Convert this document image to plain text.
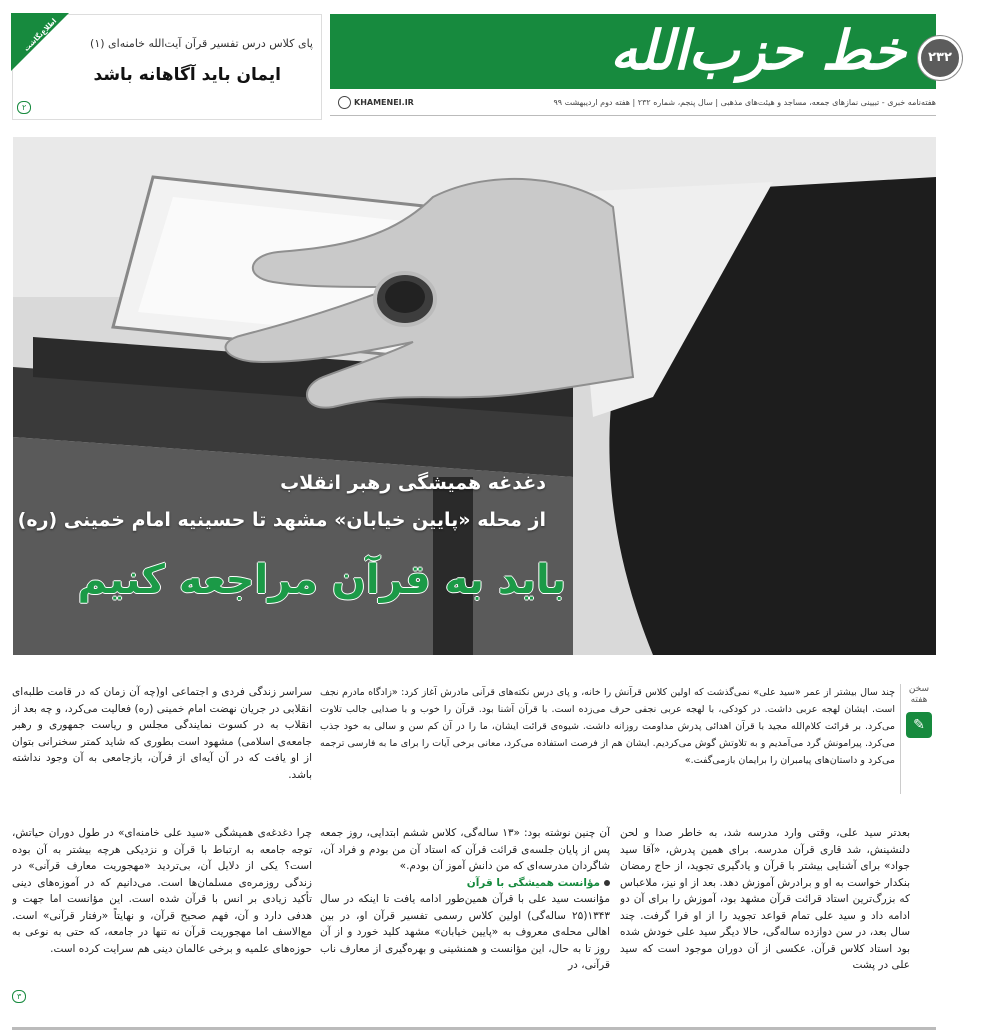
خط حزب‌الله	۲۳۲
هفته‌نامه خبری - تبیینی نمازهای جمعه، مساجد و هیئت‌های مذهبی | سال پنجم، شماره ۲۳۲ | هفته دوم اردیبهشت ۹۹
KHAMENEI.IR
اطلاع‌نگاشت	پای کلاس درس تفسیر قرآن آیت‌الله خامنه‌ای (۱)
ایمان باید آگاهانه باشد
۲
دغدغه همیشگی رهبر انقلاب
از محله «پایین خیابان» مشهد تا حسینیه امام خمینی (ره)
باید به قرآن مراجعه کنیم
سخن
هفته
✎

چند سال بیشتر از عمر «سید علی» نمی‌گذشت که اولین کلاس قرآنش را خانه، و پای درس نکته‌های قرآنی مادرش آغاز کرد: «زادگاه مادرم نجف است. ایشان لهجه عربی داشت. در کودکی، با لهجه عربی نجفی حرف می‌زده است. با قرآن آشنا بود. قرآن را خوب و با صدایی جالب تلاوت می‌کرد. بر قرائت کلام‌الله مجید با قرآن اهدائی پدرش مداومت روزانه داشت. شیوه‌ی قرائت ایشان، ما را در آن کم سن و سالی به خود جذب می‌کرد. پیرامونش گرد می‌آمدیم و به تلاوتش گوش می‌کردیم. ایشان هم از فرصت استفاده می‌کرد، معانی برخی آیات را برای ما به فارسی ترجمه می‌کرد و داستان‌های پیامبران را برایمان بازمی‌گفت.»

سراسر زندگی فردی و اجتماعی او(چه آن زمان که در قامت طلبه‌ای انقلابی در جریان نهضت امام خمینی (ره) فعالیت می‌کرد، و چه بعد از انقلاب به در کسوت نمایندگی مجلس و ریاست جمهوری و رهبر جامعه‌ی اسلامی) مشهود است بطوری که شاید کمتر سخنرانی بتوان از او یافت که در آن آیه‌ای از قرآن، بازجامعی به آن وجود نداشته باشد.

چرا دغدغه‌ی همیشگی «سید علی خامنه‌ای» در طول دوران حیاتش، توجه جامعه به ارتباط با قرآن و نزدیکی هرچه بیشتر به آن بوده است؟ یکی از دلایل آن، بی‌تردید «مهجوریت معارف قرآنی» در زندگی روزمره‌ی مسلمان‌ها است. می‌دانیم که در آموزه‌های دینی تأکید زیادی بر انس با قرآن شده است. این مؤانست اما جهت و هدفی دارد و آن، فهم صحیح قرآن، و نهایتاً «رفتار قرآنی» است. مع‌الاسف اما مهجوریت قرآن نه تنها در جامعه، که حتی به نوعی به حوزه‌های علمیه و برخی عالمان دینی هم سرایت کرده است.

آن چنین نوشته بود: «۱۳ ساله‌گی، کلاس ششم ابتدایی، روز جمعه پس از پایان جلسه‌ی قرائت قرآن که استاد آن من بودم و فراد آن، شاگردان مدرسه‌ای که من دانش آموز آن بودم.»

مؤانست همیشگی با قرآن

مؤانست سید علی با قرآن همین‌طور ادامه یافت تا اینکه در سال ۱۳۴۳(۲۵ ساله‌گی) اولین کلاس رسمی تفسیر قرآن او، در بین اهالی محله‌ی معروف به «پایین خیابان» مشهد کلید خورد و از آن روز تا به حال، این مؤانست و همنشینی و بهره‌گیری از معارف ناب قرآنی، در

بعدتر سید علی، وقتی وارد مدرسه شد، به خاطر صدا و لحن دلنشینش، شد قاری قرآن مدرسه. برای همین پدرش، «آقا سید جواد» برای آشنایی بیشتر با قرآن و یادگیری تجوید، از حاج رمضان بنکدار خواست به او و برادرش آموزش دهد. بعد از او نیز، ملاعباس که بزرگ‌ترین استاد قرائت قرآن مشهد بود، آموزش را برای آن دو ادامه داد و سید علی تمام قواعد تجوید را از او فرا گرفت. چند سال بعد، در سن دوازده ساله‌گی، حالا دیگر سید علی خودش شده بود استاد کلاس قرآن. عکسی از آن دوران موجود است که سید علی در پشت

۳
